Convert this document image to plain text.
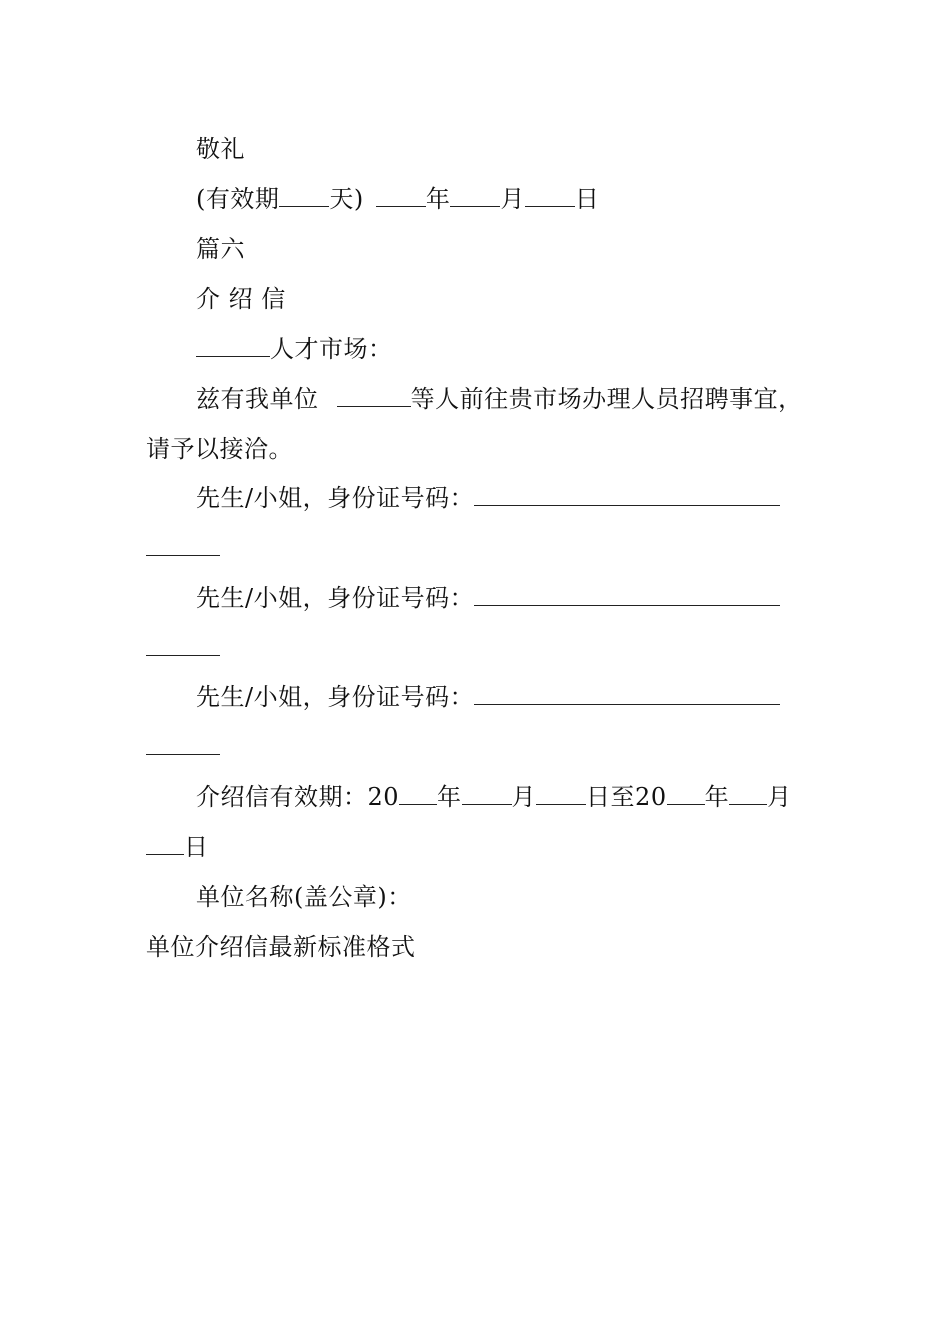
敬礼
(有效期 天) 年 月 日
篇六
介 绍 信
人才市场：
兹有我单位	等人前往贵市场办理人员招聘事宜，
请予以接洽。
先生/小姐，身份证号码：
先生/小姐，身份证号码：
先生/小姐，身份证号码：
介绍信有效期：20 年 月 日至20 年 月
日
单位名称(盖公章)：
单位介绍信最新标准格式
